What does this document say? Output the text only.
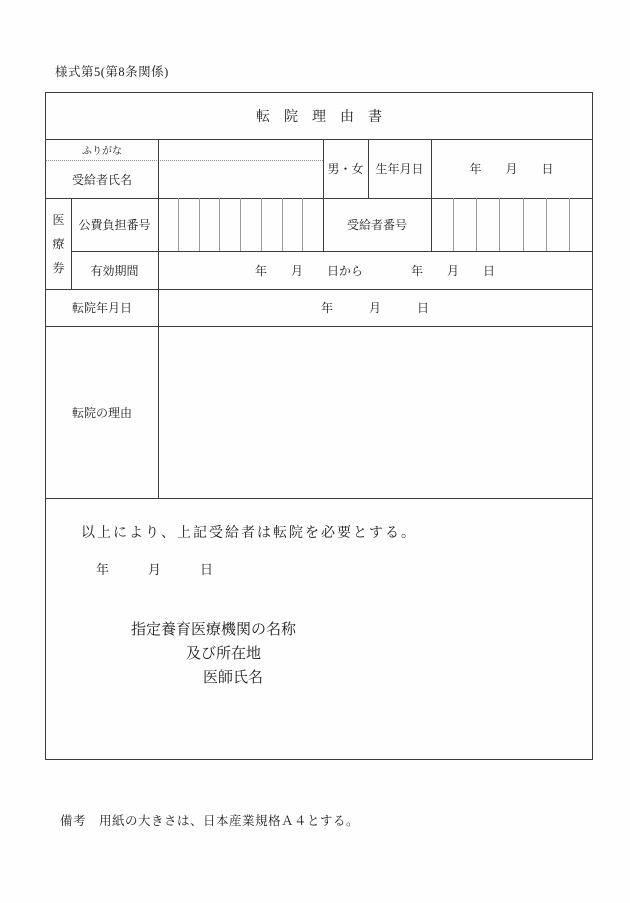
様式第5(第8条関係)
転　院　理　由　書
ふりがな
受給者氏名
男・女 生年月日	年　　月　　日
医
療
券
公費負担番号	受給者番号
有効期間	年　　月　　日から　　　　年　　月　　日
転院年月日	年　　　月　　　日
転院の理由
以上により、上記受給者は転院を必要とする。
年　　　月　　　日
指定養育医療機関の名称
及び所在地
医師氏名
備考　用紙の大きさは、日本産業規格Ａ４とする。
